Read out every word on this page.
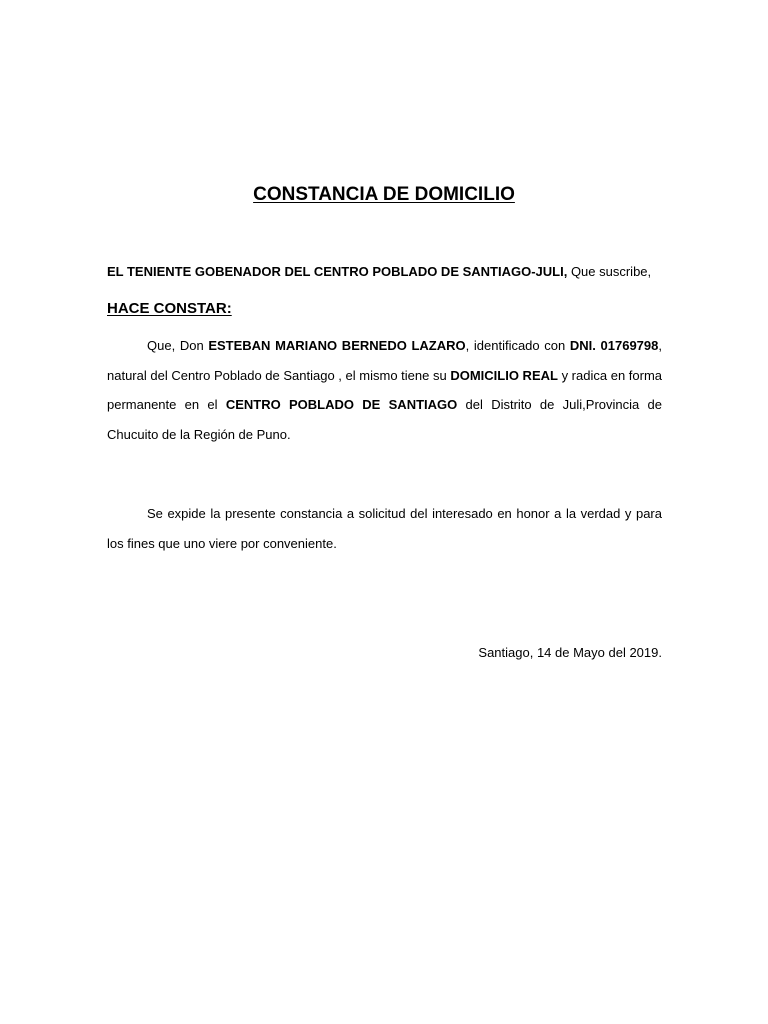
CONSTANCIA DE DOMICILIO
EL TENIENTE GOBENADOR DEL CENTRO POBLADO DE SANTIAGO-JULI, Que suscribe,
HACE CONSTAR:
Que, Don ESTEBAN MARIANO BERNEDO LAZARO, identificado con DNI. 01769798, natural del Centro Poblado de Santiago , el mismo tiene su DOMICILIO REAL y radica en forma permanente en el CENTRO POBLADO DE SANTIAGO del Distrito de Juli,Provincia de Chucuito de la Región de Puno.
Se expide la presente constancia a solicitud del interesado en honor a la verdad y para los fines que uno viere por conveniente.
Santiago, 14 de Mayo del 2019.
